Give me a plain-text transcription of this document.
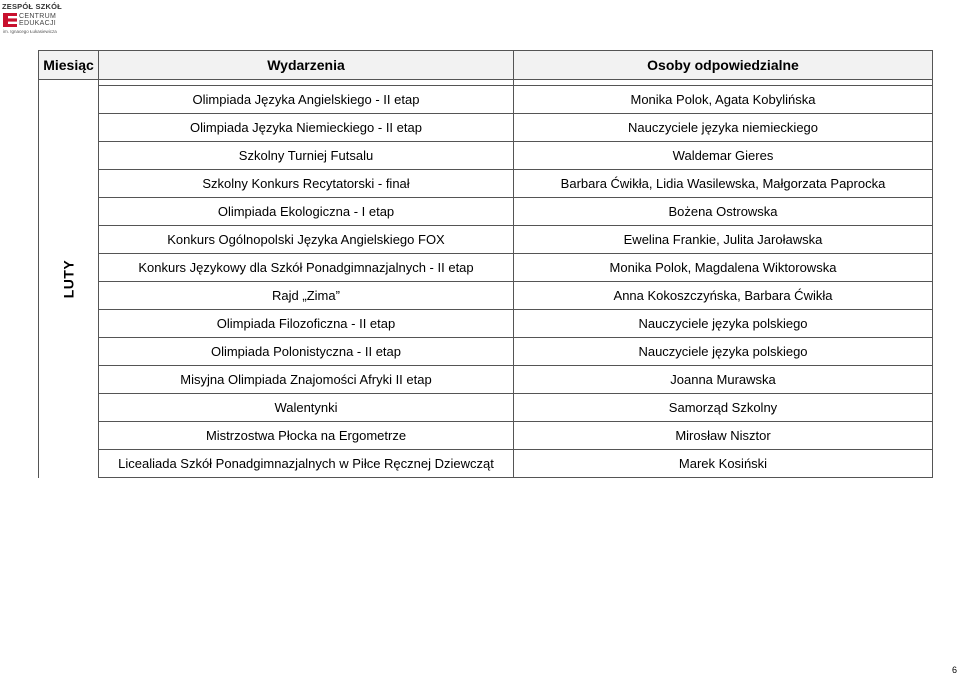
ZESPÓŁ SZKÓŁ
CENTRUM
EDUKACJI
im. Ignacego Łukasiewicza
Miesiąc	Wydarzenia	Osoby odpowiedzialne
LUTY		
	Olimpiada Języka Angielskiego - II etap	Monika Polok, Agata Kobylińska
	Olimpiada Języka Niemieckiego - II etap	Nauczyciele języka niemieckiego
	Szkolny Turniej Futsalu	Waldemar Gieres
	Szkolny Konkurs Recytatorski - finał	Barbara Ćwikła, Lidia Wasilewska, Małgorzata Paprocka
	Olimpiada Ekologiczna - I etap	Bożena Ostrowska
	Konkurs Ogólnopolski Języka Angielskiego FOX	Ewelina Frankie, Julita Jaroławska
	Konkurs Językowy dla Szkół Ponadgimnazjalnych - II etap	Monika Polok, Magdalena Wiktorowska
	Rajd „Zima”	Anna Kokoszczyńska, Barbara Ćwikła
	Olimpiada Filozoficzna - II etap	Nauczyciele języka polskiego
	Olimpiada Polonistyczna - II etap	Nauczyciele języka polskiego
	Misyjna Olimpiada Znajomości Afryki II etap	Joanna Murawska
	Walentynki	Samorząd Szkolny
	Mistrzostwa Płocka na Ergometrze	Mirosław Nisztor
	Licealiada Szkół Ponadgimnazjalnych w Piłce Ręcznej Dziewcząt	Marek Kosiński
6
